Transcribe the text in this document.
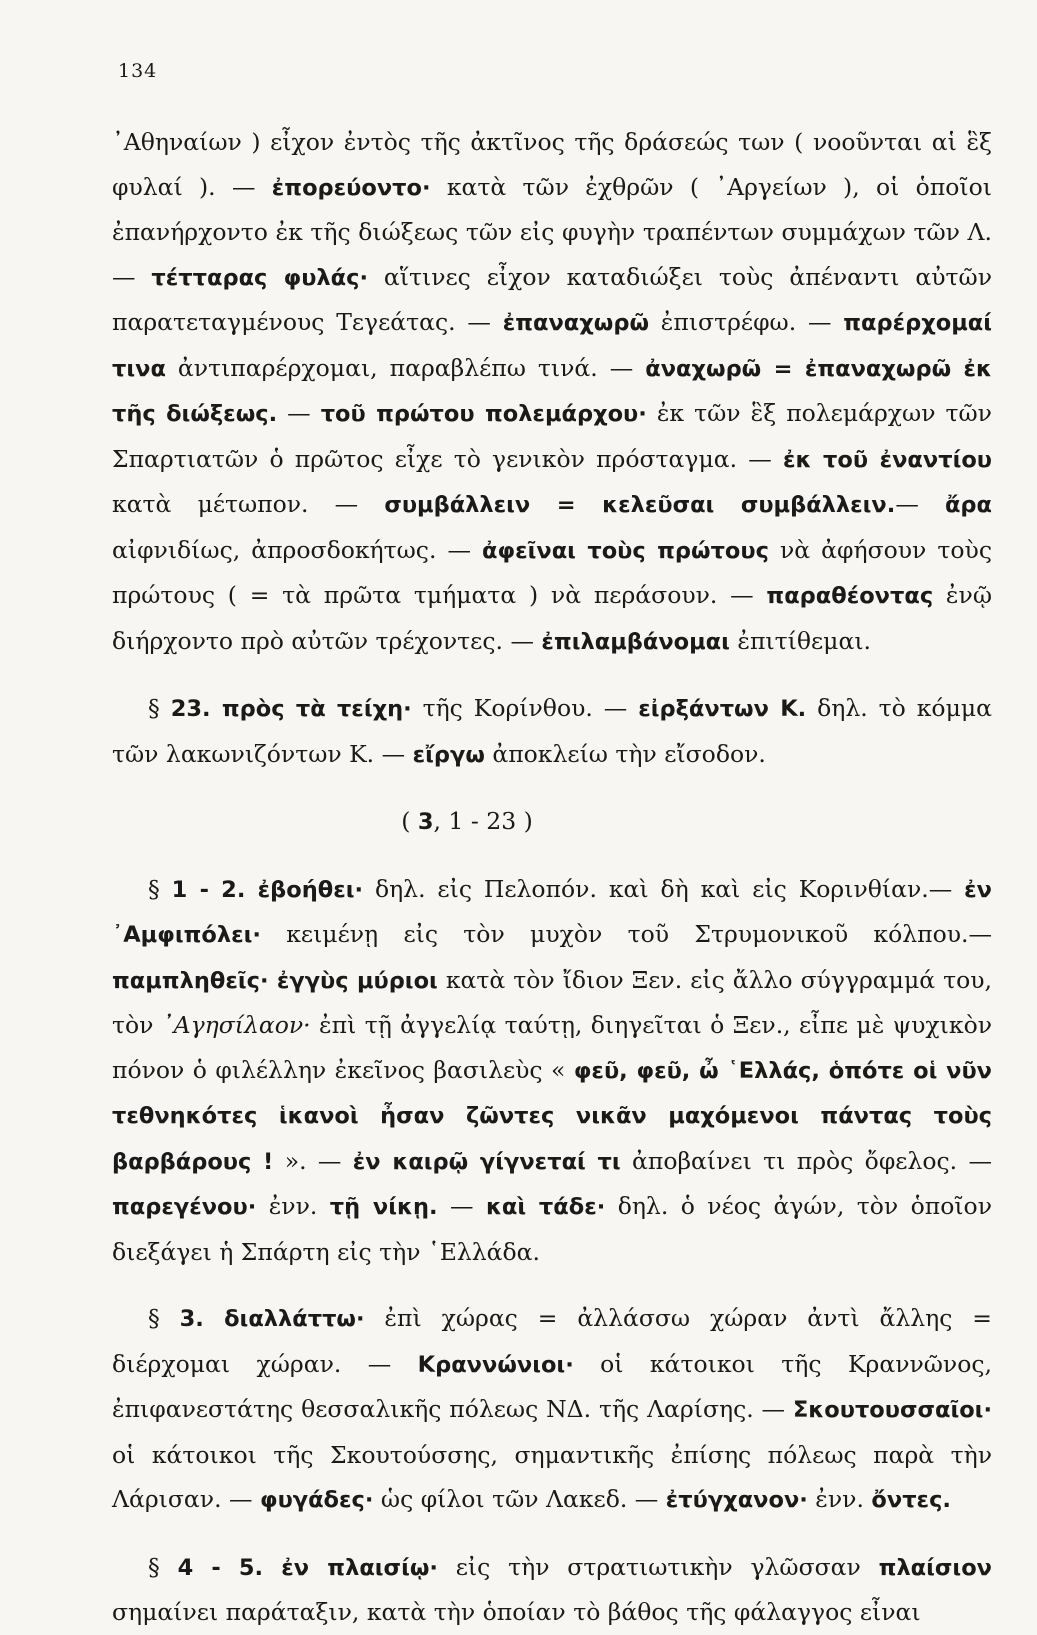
134

᾿Αθηναίων ) εἶχον ἐντὸς τῆς ἀκτῖνος τῆς δράσεώς των ( νοοῦνται αἱ ἓξ φυλαί ). — ἐπορεύοντο· κατὰ τῶν ἐχθρῶν ( ᾿Αργείων ), οἱ ὁποῖοι ἐπανήρχοντο ἐκ τῆς διώξεως τῶν εἰς φυγὴν τραπέντων συμμάχων τῶν Λ. — τέτταρας φυλάς· αἵτινες εἶχον καταδιώξει τοὺς ἀπέναντι αὐτῶν παρατεταγμένους Τεγεάτας. — ἐπαναχωρῶ ἐπιστρέφω. — παρέρχομαί τινα ἀντιπαρέρχομαι, παραβλέπω τινά. — ἀναχωρῶ = ἐπαναχωρῶ ἐκ τῆς διώξεως. — τοῦ πρώτου πολεμάρχου· ἐκ τῶν ἓξ πολεμάρχων τῶν Σπαρτιατῶν ὁ πρῶτος εἶχε τὸ γενικὸν πρόσταγμα. — ἐκ τοῦ ἐναντίου κατὰ μέτωπον. — συμβάλλειν = κελεῦσαι συμβάλλειν.— ἄρα αἰφνιδίως, ἀπροσδοκήτως. — ἀφεῖναι τοὺς πρώτους νὰ ἀφήσουν τοὺς πρώτους ( = τὰ πρῶτα τμήματα ) νὰ περάσουν. — παραθέοντας ἐνῷ διήρχοντο πρὸ αὐτῶν τρέχοντες. — ἐπιλαμβάνομαι ἐπιτίθεμαι.

§ 23. πρὸς τὰ τείχη· τῆς Κορίνθου. — εἰρξάντων Κ. δηλ. τὸ κόμμα τῶν λακωνιζόντων Κ. — εἴργω ἀποκλείω τὴν εἴσοδον.

( 3, 1 - 23 )

§ 1 - 2. ἐβοήθει· δηλ. εἰς Πελοπόν. καὶ δὴ καὶ εἰς Κορινθίαν.— ἐν ᾿Αμφιπόλει· κειμένῃ εἰς τὸν μυχὸν τοῦ Στρυμονικοῦ κόλπου.— παμπληθεῖς· ἐγγὺς μύριοι κατὰ τὸν ἴδιον Ξεν. εἰς ἄλλο σύγγραμμά του, τὸν ᾿Αγησίλαον· ἐπὶ τῇ ἀγγελίᾳ ταύτῃ, διηγεῖται ὁ Ξεν., εἶπε μὲ ψυχικὸν πόνον ὁ φιλέλλην ἐκεῖνος βασιλεὺς « φεῦ, φεῦ, ὦ ῾Ελλάς, ὁπότε οἱ νῦν τεθνηκότες ἱκανοὶ ἦσαν ζῶντες νικᾶν μαχόμενοι πάντας τοὺς βαρβάρους ! ». — ἐν καιρῷ γίγνεταί τι ἀποβαίνει τι πρὸς ὄφελος. — παρεγένου· ἐνν. τῇ νίκῃ. — καὶ τάδε· δηλ. ὁ νέος ἀγών, τὸν ὁποῖον διεξάγει ἡ Σπάρτη εἰς τὴν ῾Ελλάδα.

§ 3. διαλλάττω· ἐπὶ χώρας = ἀλλάσσω χώραν ἀντὶ ἄλλης = διέρχομαι χώραν. — Κραννώνιοι· οἱ κάτοικοι τῆς Κραννῶνος, ἐπιφανεστάτης θεσσαλικῆς πόλεως ΝΔ. τῆς Λαρίσης. — Σκουτουσσαῖοι· οἱ κάτοικοι τῆς Σκουτούσσης, σημαντικῆς ἐπίσης πόλεως παρὰ τὴν Λάρισαν. — φυγάδες· ὡς φίλοι τῶν Λακεδ. — ἐτύγχανον· ἐνν. ὄντες.

§ 4 - 5. ἐν πλαισίῳ· εἰς τὴν στρατιωτικὴν γλῶσσαν πλαίσιον σημαίνει παράταξιν, κατὰ τὴν ὁποίαν τὸ βάθος τῆς φάλαγγος εἶναι
